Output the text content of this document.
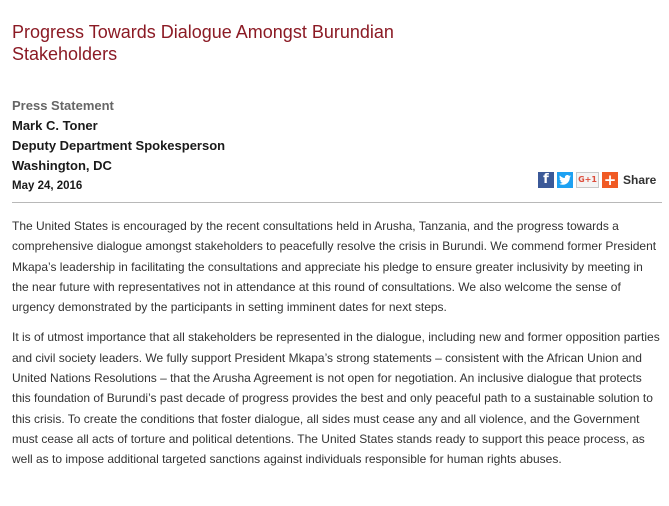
Progress Towards Dialogue Amongst Burundian Stakeholders
Press Statement
Mark C. Toner
Deputy Department Spokesperson
Washington, DC
May 24, 2016	f	G+1 + Share

The United States is encouraged by the recent consultations held in Arusha, Tanzania, and the progress towards a comprehensive dialogue amongst stakeholders to peacefully resolve the crisis in Burundi. We commend former President Mkapa’s leadership in facilitating the consultations and appreciate his pledge to ensure greater inclusivity by meeting in the near future with representatives not in attendance at this round of consultations. We also welcome the sense of urgency demonstrated by the participants in setting imminent dates for next steps.

It is of utmost importance that all stakeholders be represented in the dialogue, including new and former opposition parties and civil society leaders. We fully support President Mkapa’s strong statements – consistent with the African Union and United Nations Resolutions – that the Arusha Agreement is not open for negotiation. An inclusive dialogue that protects this foundation of Burundi’s past decade of progress provides the best and only peaceful path to a sustainable solution to this crisis. To create the conditions that foster dialogue, all sides must cease any and all violence, and the Government must cease all acts of torture and political detentions. The United States stands ready to support this peace process, as well as to impose additional targeted sanctions against individuals responsible for human rights abuses.
